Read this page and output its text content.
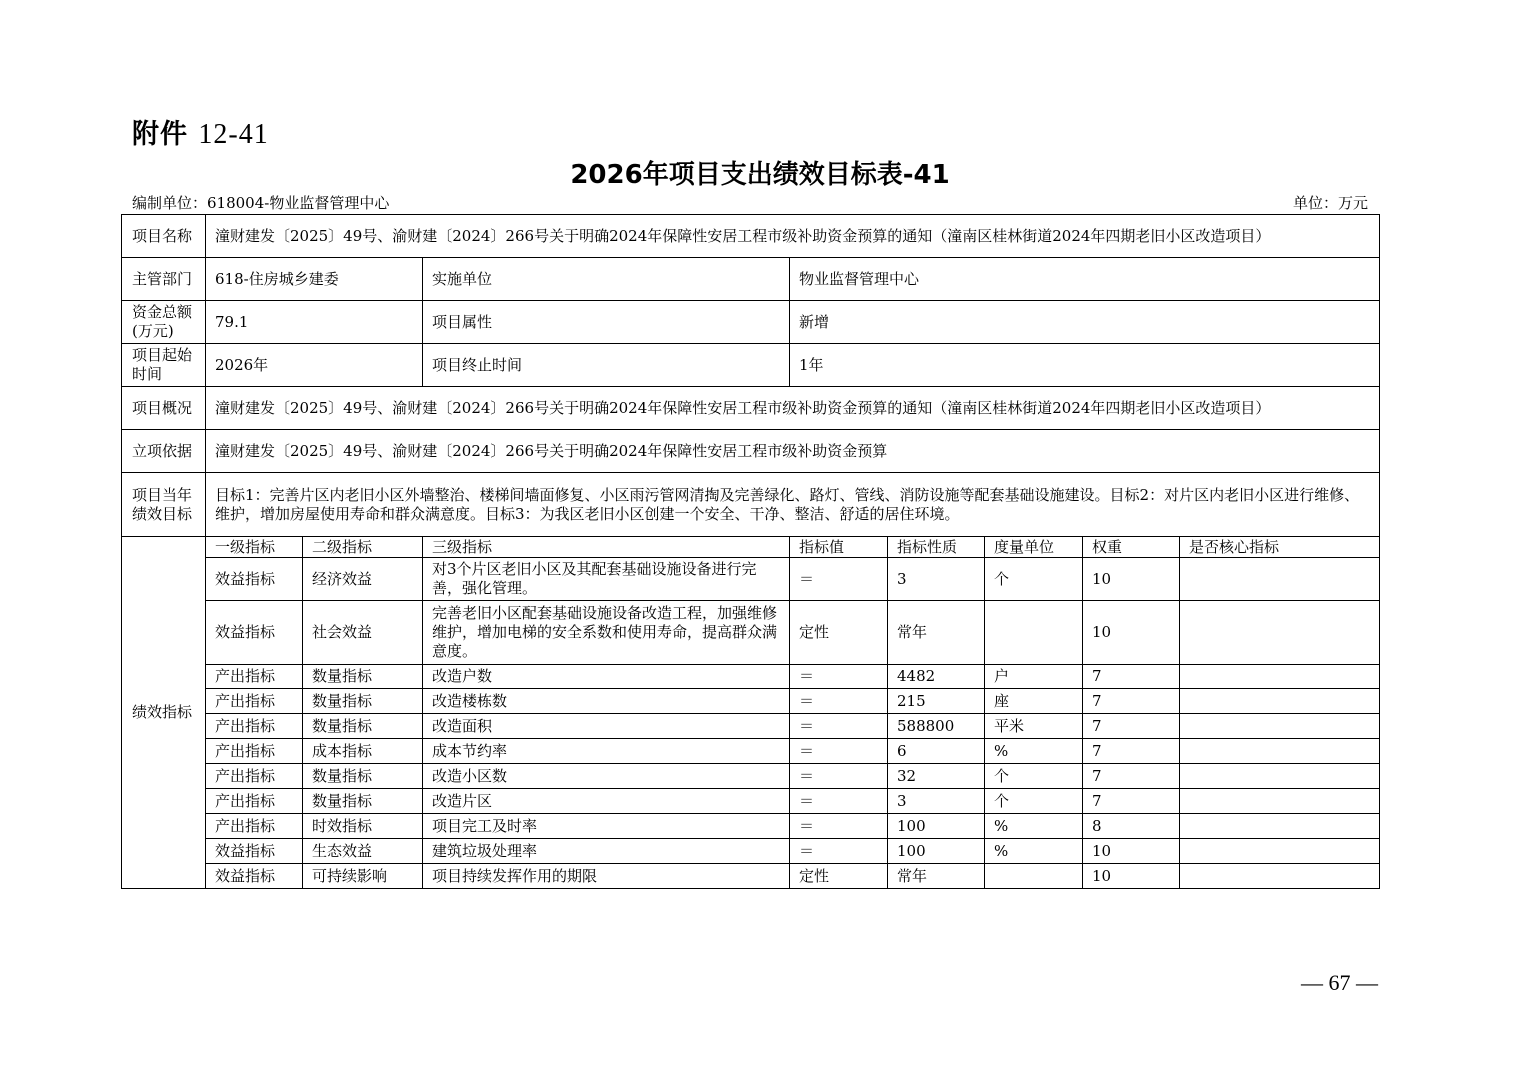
附件 12-41
2026年项目支出绩效目标表-41
编制单位：618004-物业监督管理中心	单位：万元
项目名称	潼财建发〔2025〕49号、渝财建〔2024〕266号关于明确2024年保障性安居工程市级补助资金预算的通知（潼南区桂林街道2024年四期老旧小区改造项目）							
主管部门	618-住房城乡建委		实施单位	物业监督管理中心				
资金总额(万元)	79.1		项目属性	新增				
项目起始时间	2026年		项目终止时间	1年				
项目概况	潼财建发〔2025〕49号、渝财建〔2024〕266号关于明确2024年保障性安居工程市级补助资金预算的通知（潼南区桂林街道2024年四期老旧小区改造项目）							
立项依据	潼财建发〔2025〕49号、渝财建〔2024〕266号关于明确2024年保障性安居工程市级补助资金预算							
项目当年绩效目标	目标1：完善片区内老旧小区外墙整治、楼梯间墙面修复、小区雨污管网清掏及完善绿化、路灯、管线、消防设施等配套基础设施建设。目标2：对片区内老旧小区进行维修、维护，增加房屋使用寿命和群众满意度。目标3：为我区老旧小区创建一个安全、干净、整洁、舒适的居住环境。							
绩效指标	一级指标	二级指标	三级指标	指标值	指标性质	度量单位	权重	是否核心指标
	效益指标	经济效益	对3个片区老旧小区及其配套基础设施设备进行完善，强化管理。	＝	3	个	10	
	效益指标	社会效益	完善老旧小区配套基础设施设备改造工程，加强维修维护，增加电梯的安全系数和使用寿命，提高群众满意度。	定性	常年		10	
	产出指标	数量指标	改造户数	＝	4482	户	7	
	产出指标	数量指标	改造楼栋数	＝	215	座	7	
	产出指标	数量指标	改造面积	＝	588800	平米	7	
	产出指标	成本指标	成本节约率	＝	6	%	7	
	产出指标	数量指标	改造小区数	＝	32	个	7	
	产出指标	数量指标	改造片区	＝	3	个	7	
	产出指标	时效指标	项目完工及时率	＝	100	%	8	
	效益指标	生态效益	建筑垃圾处理率	＝	100	%	10	
	效益指标	可持续影响	项目持续发挥作用的期限	定性	常年		10	
— 67 —
